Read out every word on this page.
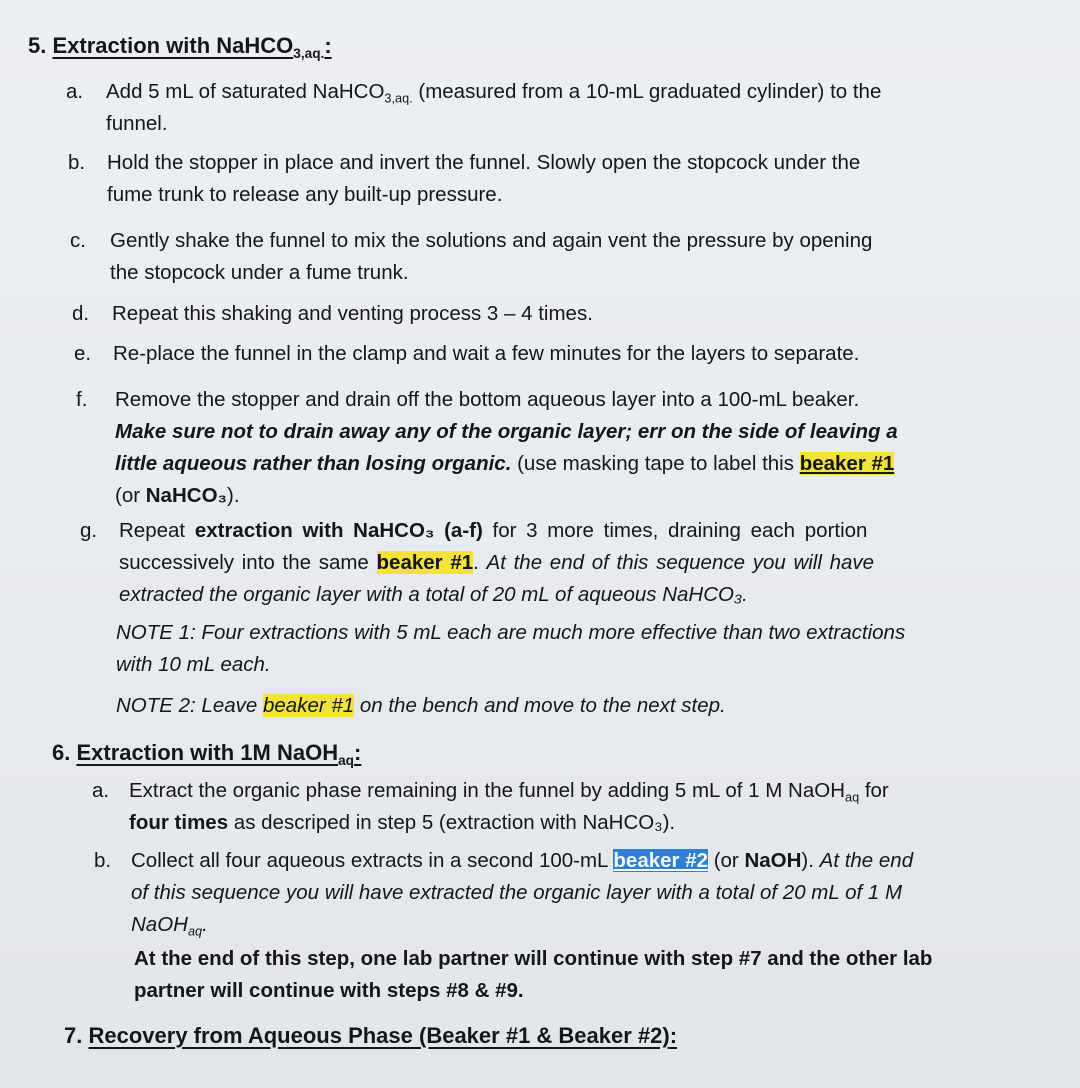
5. Extraction with NaHCO$_{3,aq.}$:
a.	Add 5 mL of saturated NaHCO$_{3,aq.}$ (measured from a 10-mL graduated cylinder) to the
funnel.
b.	Hold the stopper in place and invert the funnel. Slowly open the stopcock under the
fume trunk to release any built-up pressure.
c.	Gently shake the funnel to mix the solutions and again vent the pressure by opening
the stopcock under a fume trunk.
d.	Repeat this shaking and venting process 3 – 4 times.
e.	Re-place the funnel in the clamp and wait a few minutes for the layers to separate.
f.	Remove the stopper and drain off the bottom aqueous layer into a 100-mL beaker.
Make sure not to drain away any of the organic layer; err on the side of leaving a
little aqueous rather than losing organic. (use masking tape to label this beaker #1
(or NaHCO₃).
g.	Repeat extraction with NaHCO₃ (a-f) for 3 more times, draining each portion
successively into the same beaker #1. At the end of this sequence you will have
extracted the organic layer with a total of 20 mL of aqueous NaHCO₃.
NOTE 1: Four extractions with 5 mL each are much more effective than two extractions
with 10 mL each.
NOTE 2: Leave beaker #1 on the bench and move to the next step.
6. Extraction with 1M NaOH$_{aq}$:
a. Extract the organic phase remaining in the funnel by adding 5 mL of 1 M NaOH$_{aq}$ for
four times as descriped in step 5 (extraction with NaHCO₃).
b. Collect all four aqueous extracts in a second 100-mL beaker #2 (or NaOH). At the end
of this sequence you will have extracted the organic layer with a total of 20 mL of 1 M
NaOH$_{aq}$.
At the end of this step, one lab partner will continue with step #7 and the other lab
partner will continue with steps #8 & #9.
7. Recovery from Aqueous Phase (Beaker #1 & Beaker #2):
